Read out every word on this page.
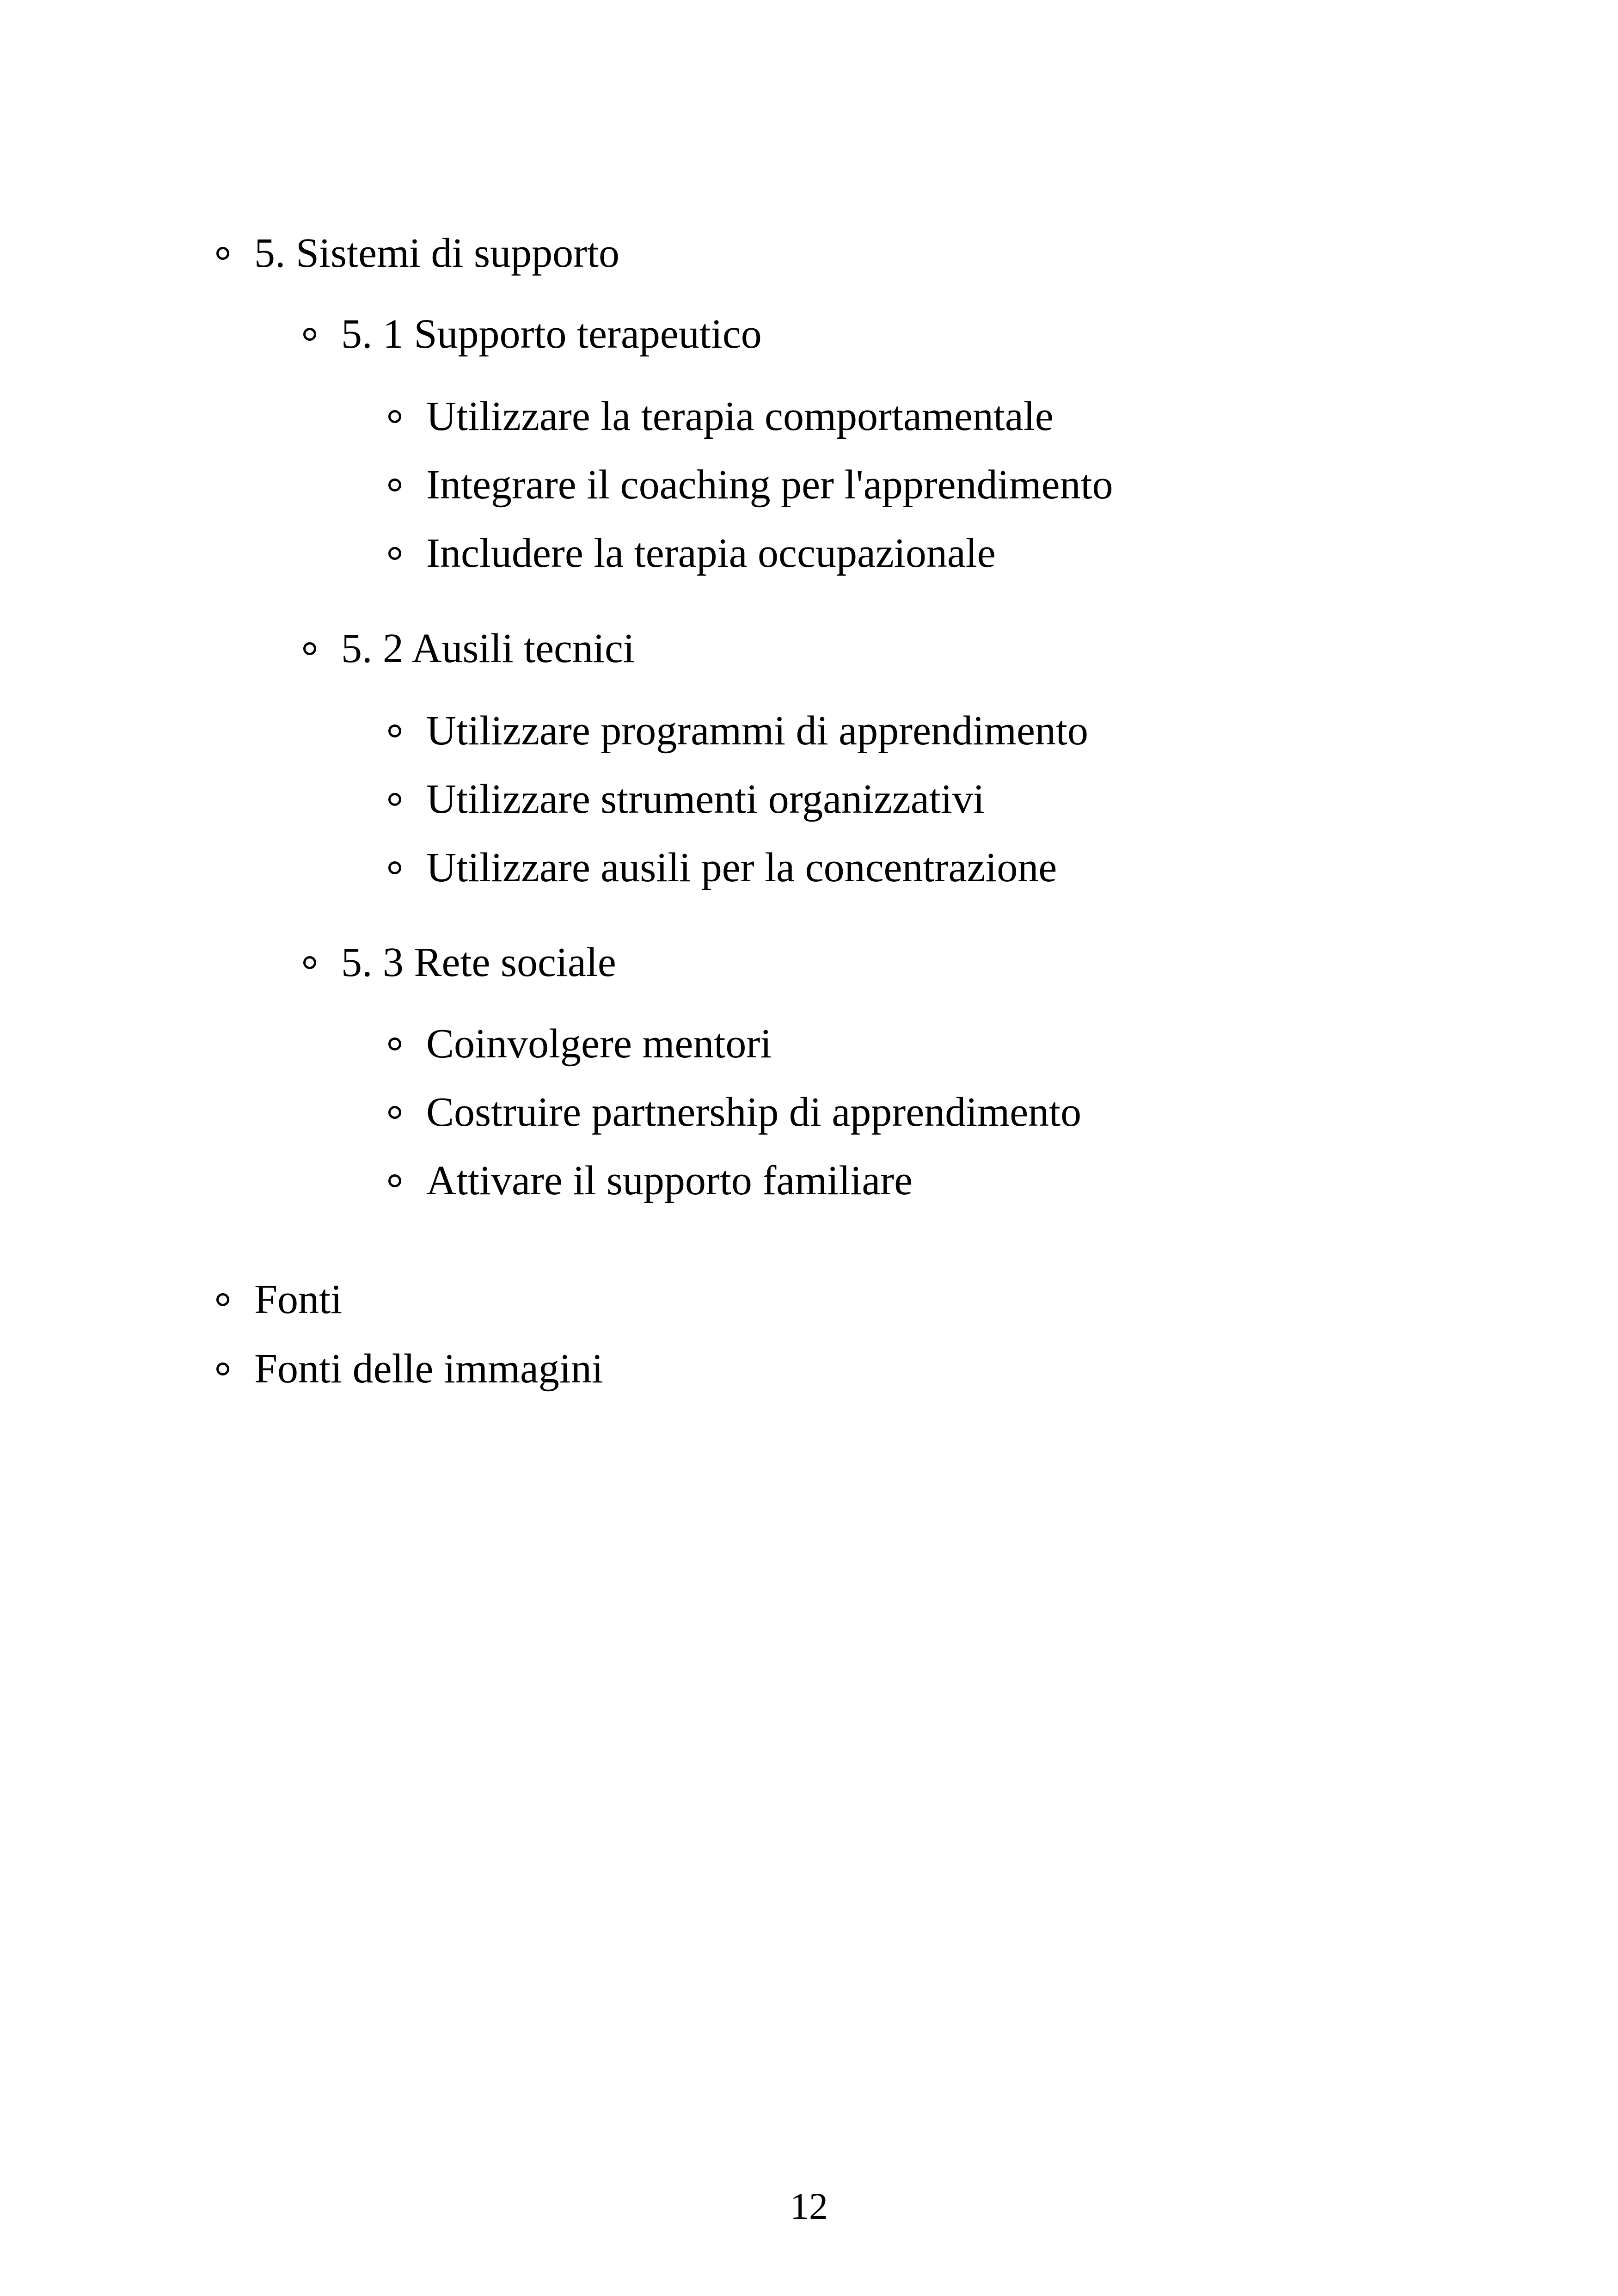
5. Sistemi di supporto
5. 1 Supporto terapeutico
Utilizzare la terapia comportamentale
Integrare il coaching per l'apprendimento
Includere la terapia occupazionale
5. 2 Ausili tecnici
Utilizzare programmi di apprendimento
Utilizzare strumenti organizzativi
Utilizzare ausili per la concentrazione
5. 3 Rete sociale
Coinvolgere mentori
Costruire partnership di apprendimento
Attivare il supporto familiare
Fonti
Fonti delle immagini
12
